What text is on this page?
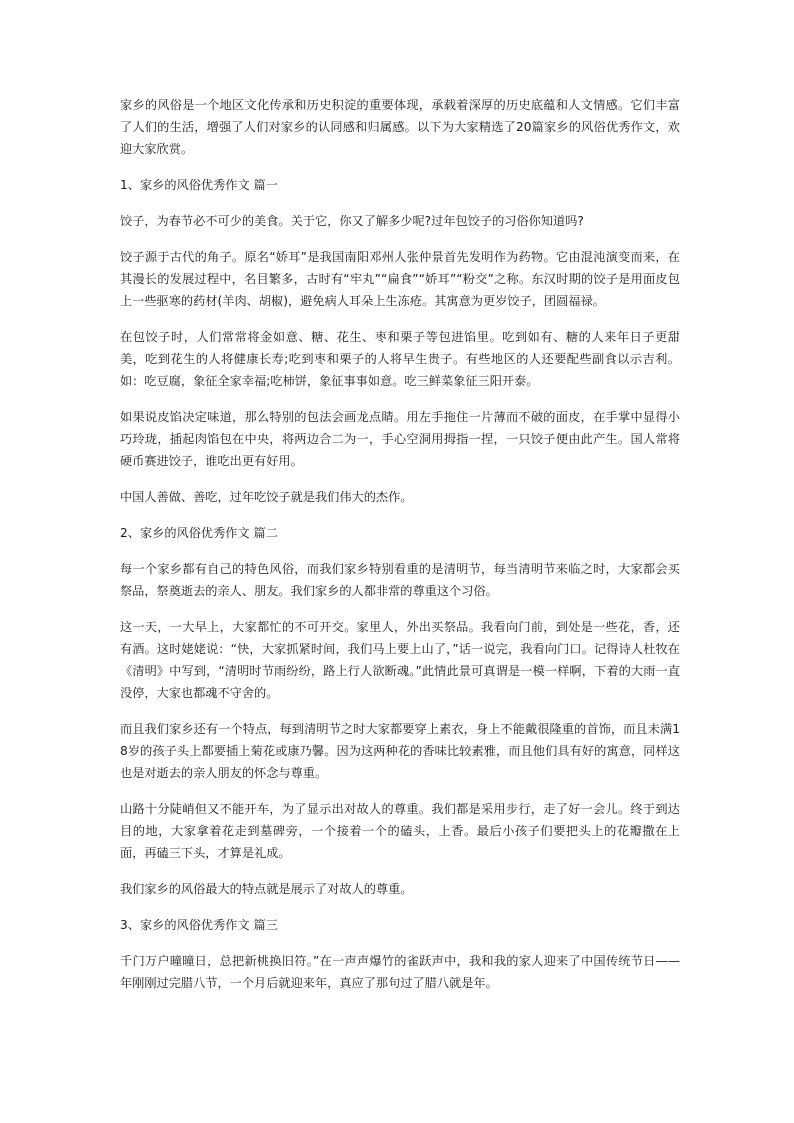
家乡的风俗是一个地区文化传承和历史积淀的重要体现，承载着深厚的历史底蕴和人文情感。它们丰富了人们的生活，增强了人们对家乡的认同感和归属感。以下为大家精选了20篇家乡的风俗优秀作文，欢迎大家欣赏。

1、家乡的风俗优秀作文 篇一

饺子，为春节必不可少的美食。关于它，你又了解多少呢?过年包饺子的习俗你知道吗?

饺子源于古代的角子。原名“娇耳”是我国南阳邓州人张仲景首先发明作为药物。它由混沌演变而来，在其漫长的发展过程中，名目繁多，古时有“牢丸”“扁食”“娇耳”“粉交”之称。东汉时期的饺子是用面皮包上一些驱寒的药材(羊肉、胡椒)，避免病人耳朵上生冻疮。其寓意为更岁饺子，团圆福禄。

在包饺子时，人们常常将金如意、糖、花生、枣和栗子等包进馅里。吃到如有、糖的人来年日子更甜美，吃到花生的人将健康长寿;吃到枣和栗子的人将早生贵子。有些地区的人还要配些副食以示吉利。如：吃豆腐，象征全家幸福;吃柿饼，象征事事如意。吃三鲜菜象征三阳开泰。

如果说皮馅决定味道，那么特别的包法会画龙点睛。用左手拖住一片薄而不破的面皮，在手掌中显得小巧玲珑，插起肉馅包在中央，将两边合二为一，手心空洞用拇指一捏，一只饺子便由此产生。国人常将硬币赛进饺子，谁吃出更有好用。

中国人善做、善吃，过年吃饺子就是我们伟大的杰作。

2、家乡的风俗优秀作文 篇二

每一个家乡都有自己的特色风俗，而我们家乡特别看重的是清明节，每当清明节来临之时，大家都会买祭品，祭奠逝去的亲人、朋友。我们家乡的人都非常的尊重这个习俗。

这一天，一大早上，大家都忙的不可开交。家里人，外出买祭品。我看向门前，到处是一些花，香，还有酒。这时姥姥说：“快，大家抓紧时间，我们马上要上山了，”话一说完，我看向门口。记得诗人杜牧在《清明》中写到，“清明时节雨纷纷，路上行人欲断魂。”此情此景可真谓是一模一样啊，下着的大雨一直没停，大家也都魂不守舍的。

而且我们家乡还有一个特点，每到清明节之时大家都要穿上素衣，身上不能戴很隆重的首饰，而且未满18岁的孩子头上都要插上菊花或康乃馨。因为这两种花的香味比较素雅，而且他们具有好的寓意，同样这也是对逝去的亲人朋友的怀念与尊重。

山路十分陡峭但又不能开车，为了显示出对故人的尊重。我们都是采用步行，走了好一会儿。终于到达目的地，大家拿着花走到墓碑旁，一个接着一个的磕头，上香。最后小孩子们要把头上的花瓣撒在上面，再磕三下头，才算是礼成。

我们家乡的风俗最大的特点就是展示了对故人的尊重。

3、家乡的风俗优秀作文 篇三

千门万户曈曈日，总把新桃换旧符。”在一声声爆竹的雀跃声中，我和我的家人迎来了中国传统节日——年刚刚过完腊八节，一个月后就迎来年，真应了那句过了腊八就是年。
